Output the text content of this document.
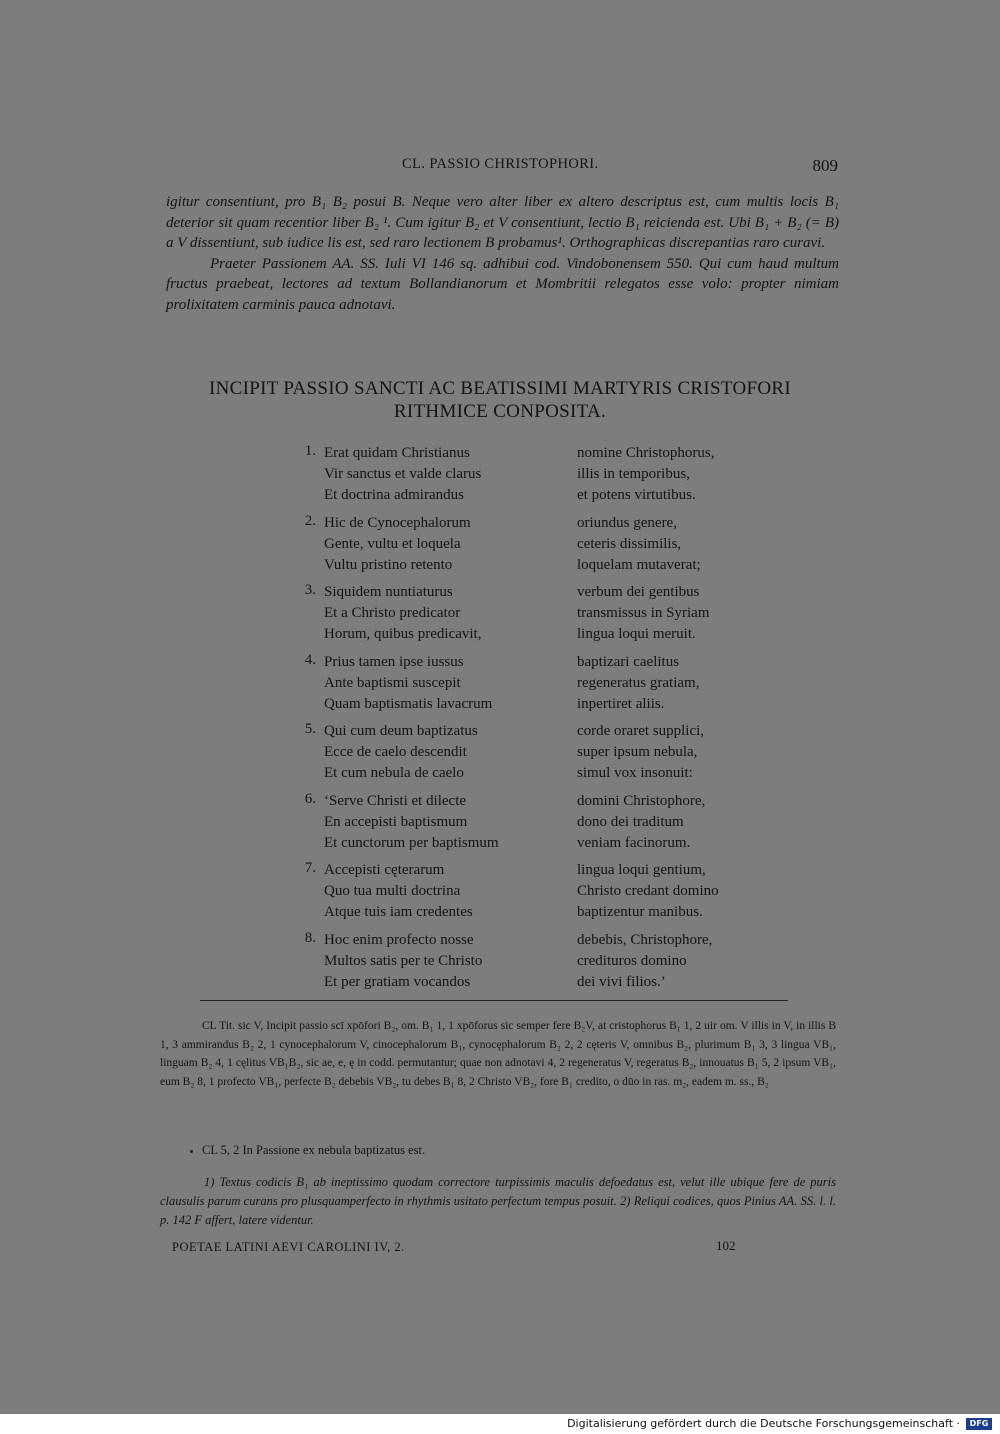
CL. PASSIO CHRISTOPHORI.	809

igitur consentiunt, pro B₁ B₂ posui B. Neque vero alter liber ex altero descriptus est, cum multis locis B₁ deterior sit quam recentior liber B₂ ¹. Cum igitur B₂ et V consentiunt, lectio B₁ reicienda est. Ubi B₁ + B₂ (= B) a V dissentiunt, sub iudice lis est, sed raro lectionem B probamus¹. Orthographicas discrepantias raro curavi.

Praeter Passionem AA. SS. Iuli VI 146 sq. adhibui cod. Vindobonensem 550. Qui cum haud multum fructus praebeat, lectores ad textum Bollandianorum et Mombritii relegatos esse volo: propter nimiam prolixitatem carminis pauca adnotavi.

INCIPIT PASSIO SANCTI AC BEATISSIMI MARTYRIS CRISTOFORI
RITHMICE CONPOSITA.
1. Erat quidam Christianus	nomine Christophorus,
Vir sanctus et valde clarus	illis in temporibus,
Et doctrina admirandus	et potens virtutibus.
2. Hic de Cynocephalorum	oriundus genere,
Gente, vultu et loquela	ceteris dissimilis,
Vultu pristino retento	loquelam mutaverat;
3. Siquidem nuntiaturus	verbum dei gentibus
Et a Christo predicator	transmissus in Syriam
Horum, quibus predicavit,	lingua loqui meruit.
4. Prius tamen ipse iussus	baptizari caelitus
Ante baptismi suscepit	regeneratus gratiam,
Quam baptismatis lavacrum	inpertiret aliis.
5. Qui cum deum baptizatus	corde oraret supplici,
Ecce de caelo descendit	super ipsum nebula,
Et cum nebula de caelo	simul vox insonuit:
6. ‘Serve Christi et dilecte	domini Christophore,
En accepisti baptismum	dono dei traditum
Et cunctorum per baptismum	veniam facinorum.
7. Accepisti cęterarum	lingua loqui gentium,
Quo tua multi doctrina	Christo credant domino
Atque tuis iam credentes	baptizentur manibus.
8. Hoc enim profecto nosse	debebis, Christophore,
Multos satis per te Christo	credituros domino
Et per gratiam vocandos	dei vivi filios.’
CL Tit. sic V, Incipit passio scī xpōfori B₂, om. B₁ 1, 1 xpōforus sic semper fere B₂V, at cristophorus B₁ 1, 2 uir om. V illis in V, in illis B 1, 3 ammirandus B₂ 2, 1 cynocephalorum V, cinocephalorum B₁, cynocęphalorum B₂ 2, 2 cęteris V, omnibus B₂, plurimum B₁ 3, 3 lingua VB₁, linguam B₂ 4, 1 cęlitus VB₁B₂, sic ae, e, ę in codd. permutantur; quae non adnotavi 4, 2 regeneratus V, regeratus B₂, innouatus B₁ 5, 2 ipsum VB₁, eum B₂ 8, 1 profecto VB₁, perfecte B₂ debebis VB₂, tu debes B₁ 8, 2 Christo VB₂, fore B₁ credito, o dūo in ras. m₂, eadem m. ss., B₂
CL 5, 2 In Passione ex nebula baptizatus est.

1) Textus codicis B₁ ab ineptissimo quodam correctore turpissimis maculis defoedatus est, velut ille ubique fere de puris clausulis parum curans pro plusquamperfecto in rhythmis usitato perfectum tempus posuit. 2) Reliqui codices, quos Pinius AA. SS. l. l. p. 142 F affert, latere videntur.

POETAE LATINI AEVI CAROLINI IV, 2.	102
Digitalisierung gefördert durch die Deutsche Forschungsgemeinschaft ·	DFG
